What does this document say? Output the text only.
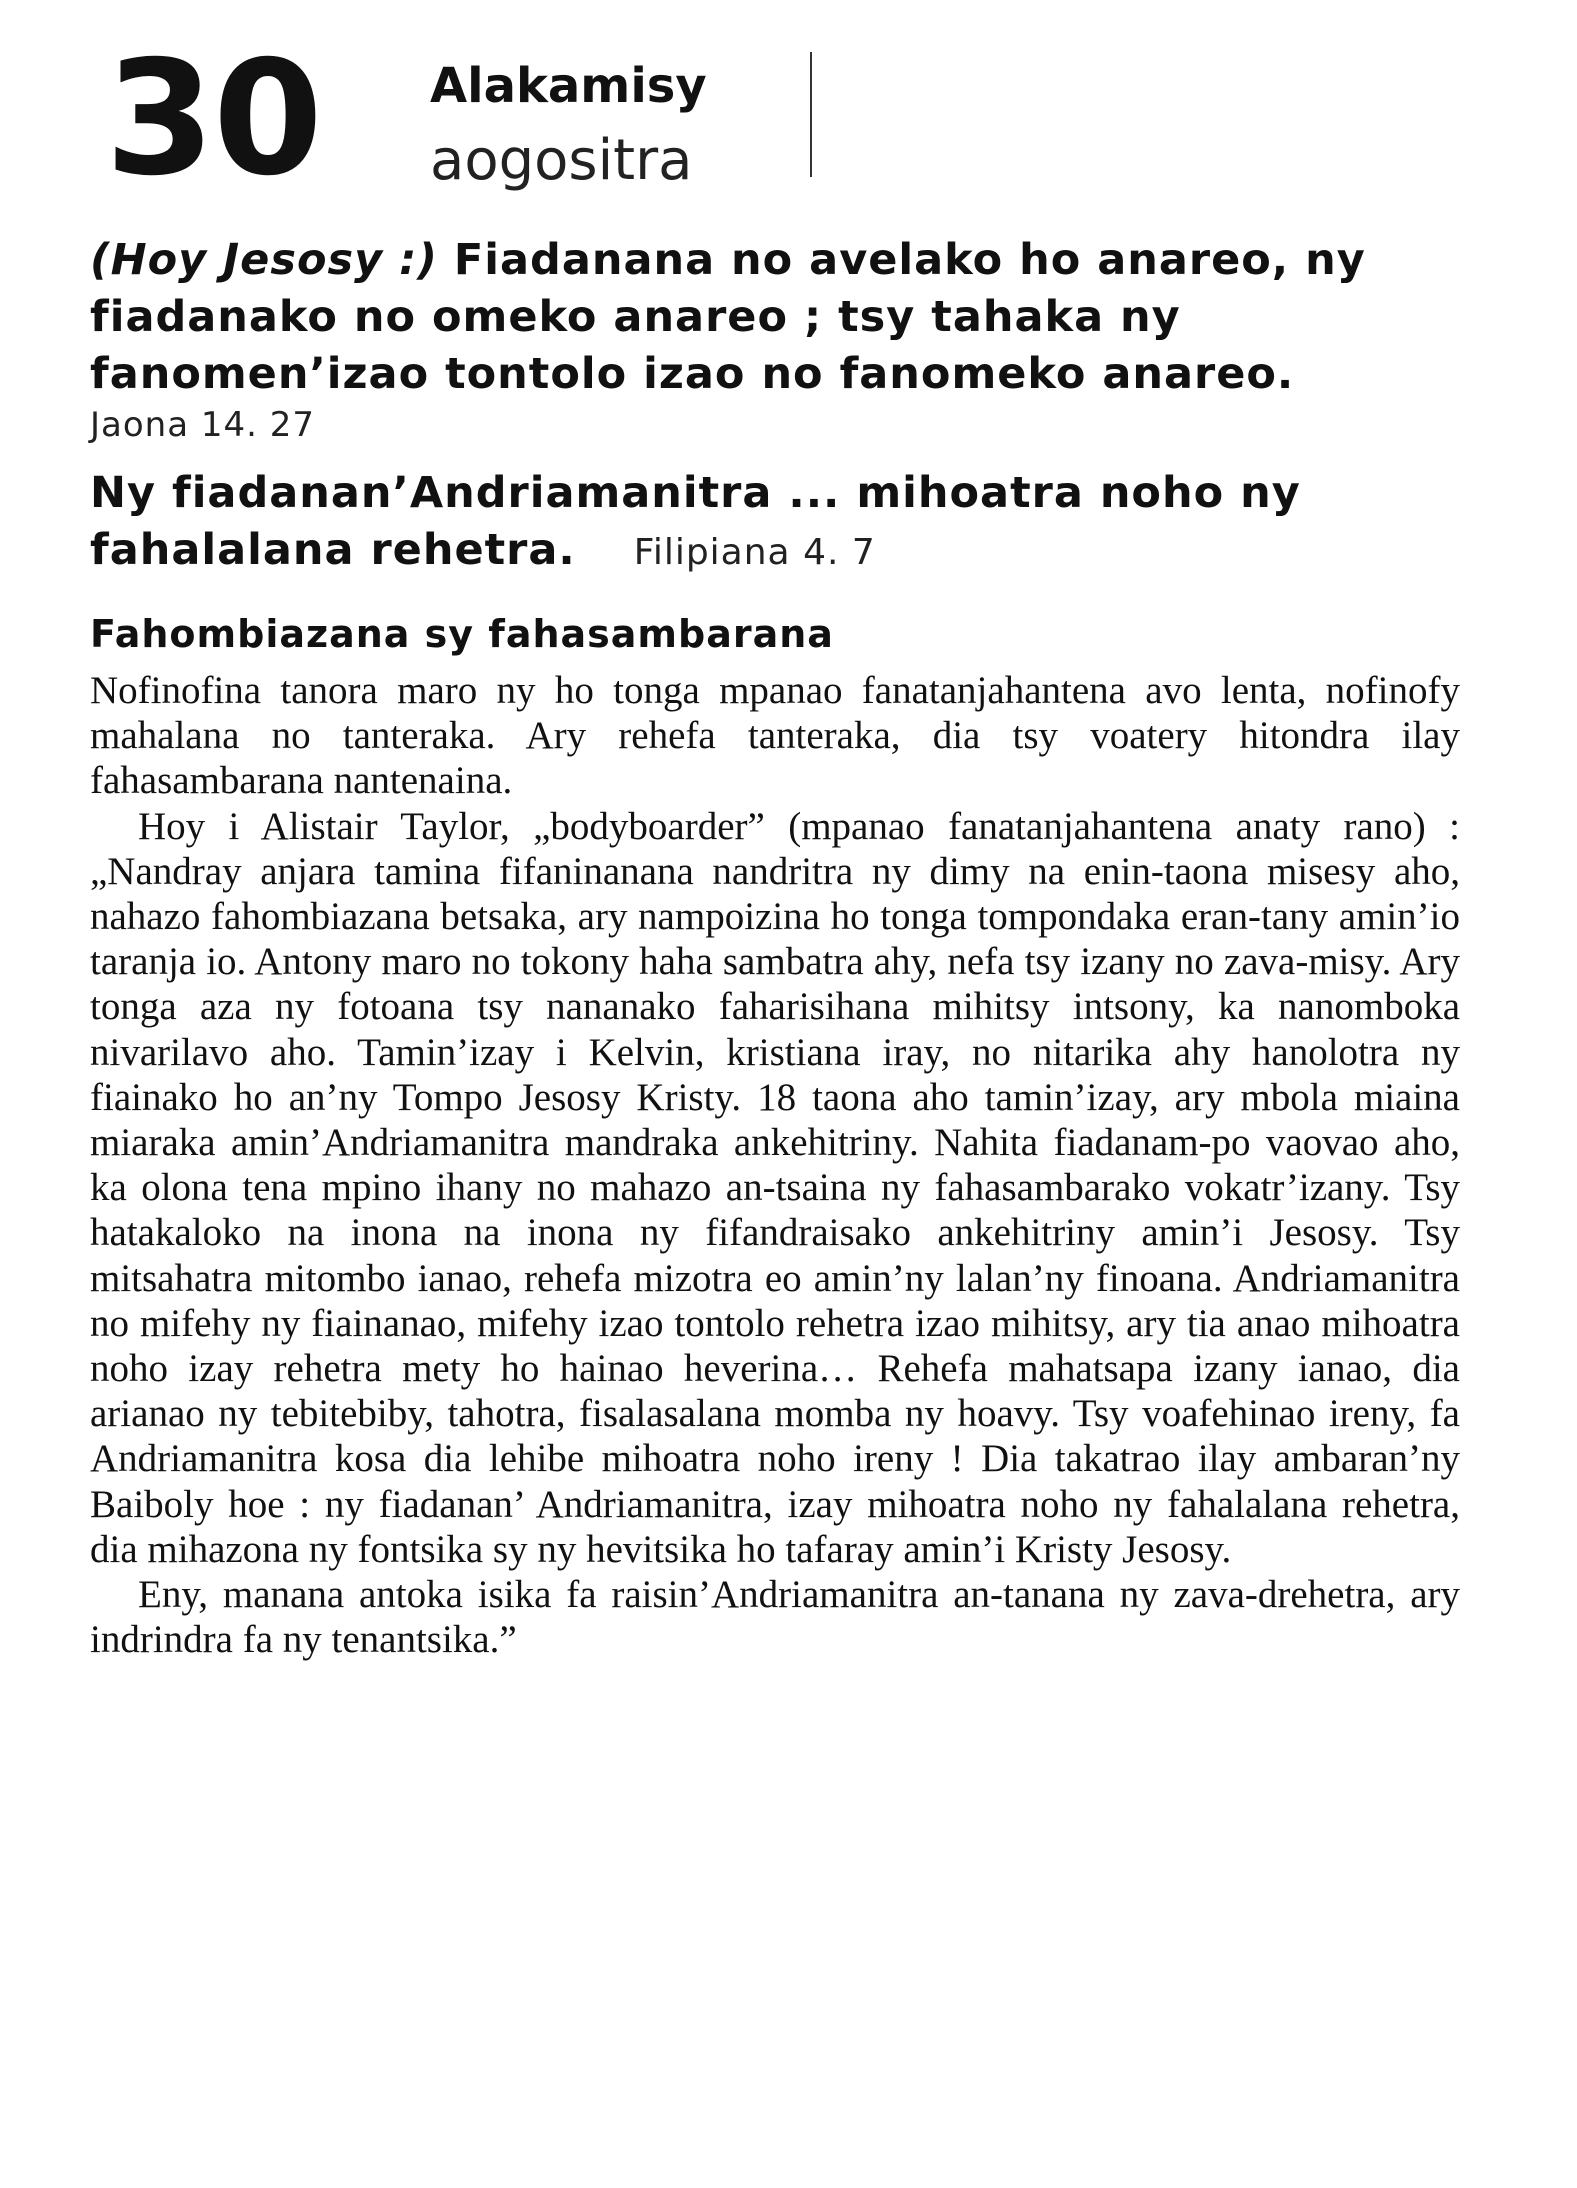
30 Alakamisy
aogositra

(Hoy Jesosy :) Fiadanana no avelako ho anareo, ny fiadanako no omeko anareo ; tsy tahaka ny fanomen’izao tontolo izao no fanomeko anareo.

Jaona 14. 27

Ny fiadanan’Andriamanitra ... mihoatra noho ny fahalalana rehetra. Filipiana 4. 7

Fahombiazana sy fahasambarana

Nofinofina tanora maro ny ho tonga mpanao fanatanjahantena avo lenta, nofinofy mahalana no tanteraka. Ary rehefa tanteraka, dia tsy voatery hitondra ilay fahasambarana nantenaina.

Hoy i Alistair Taylor, „bodyboarder” (mpanao fanatanjahantena anaty rano) : „Nandray anjara tamina fifaninanana nandritra ny dimy na enin-taona misesy aho, nahazo fahombiazana betsaka, ary nampoizina ho tonga tompondaka eran-tany amin’io taranja io. Antony maro no tokony haha sambatra ahy, nefa tsy izany no zava-misy. Ary tonga aza ny fotoana tsy nananako faharisihana mihitsy intsony, ka nanomboka nivarilavo aho. Tamin’izay i Kelvin, kristiana iray, no nitarika ahy hanolotra ny fiainako ho an’ny Tompo Jesosy Kristy. 18 taona aho tamin’izay, ary mbola miaina miaraka amin’Andriamanitra mandraka ankehitriny. Nahita fiadanam-po vaovao aho, ka olona tena mpino ihany no mahazo an-tsaina ny fahasambarako vokatr’izany. Tsy hatakaloko na inona na inona ny fifandraisako ankehitriny amin’i Jesosy. Tsy mitsahatra mitombo ianao, rehefa mizotra eo amin’ny lalan’ny finoana. Andriamanitra no mifehy ny fiainanao, mifehy izao tontolo rehetra izao mihitsy, ary tia anao mihoatra noho izay rehetra mety ho hainao heverina… Rehefa mahatsapa izany ianao, dia arianao ny tebitebiby, tahotra, fisalasalana momba ny hoavy. Tsy voafehinao ireny, fa Andriamanitra kosa dia lehibe mihoatra noho ireny ! Dia takatrao ilay ambaran’ny Baiboly hoe : ny fiadanan’ Andriamanitra, izay mihoatra noho ny fahalalana rehetra, dia mihazona ny fontsika sy ny hevitsika ho tafaray amin’i Kristy Jesosy.

Eny, manana antoka isika fa raisin’Andriamanitra an-tanana ny zava-drehetra, ary indrindra fa ny tenantsika.”
